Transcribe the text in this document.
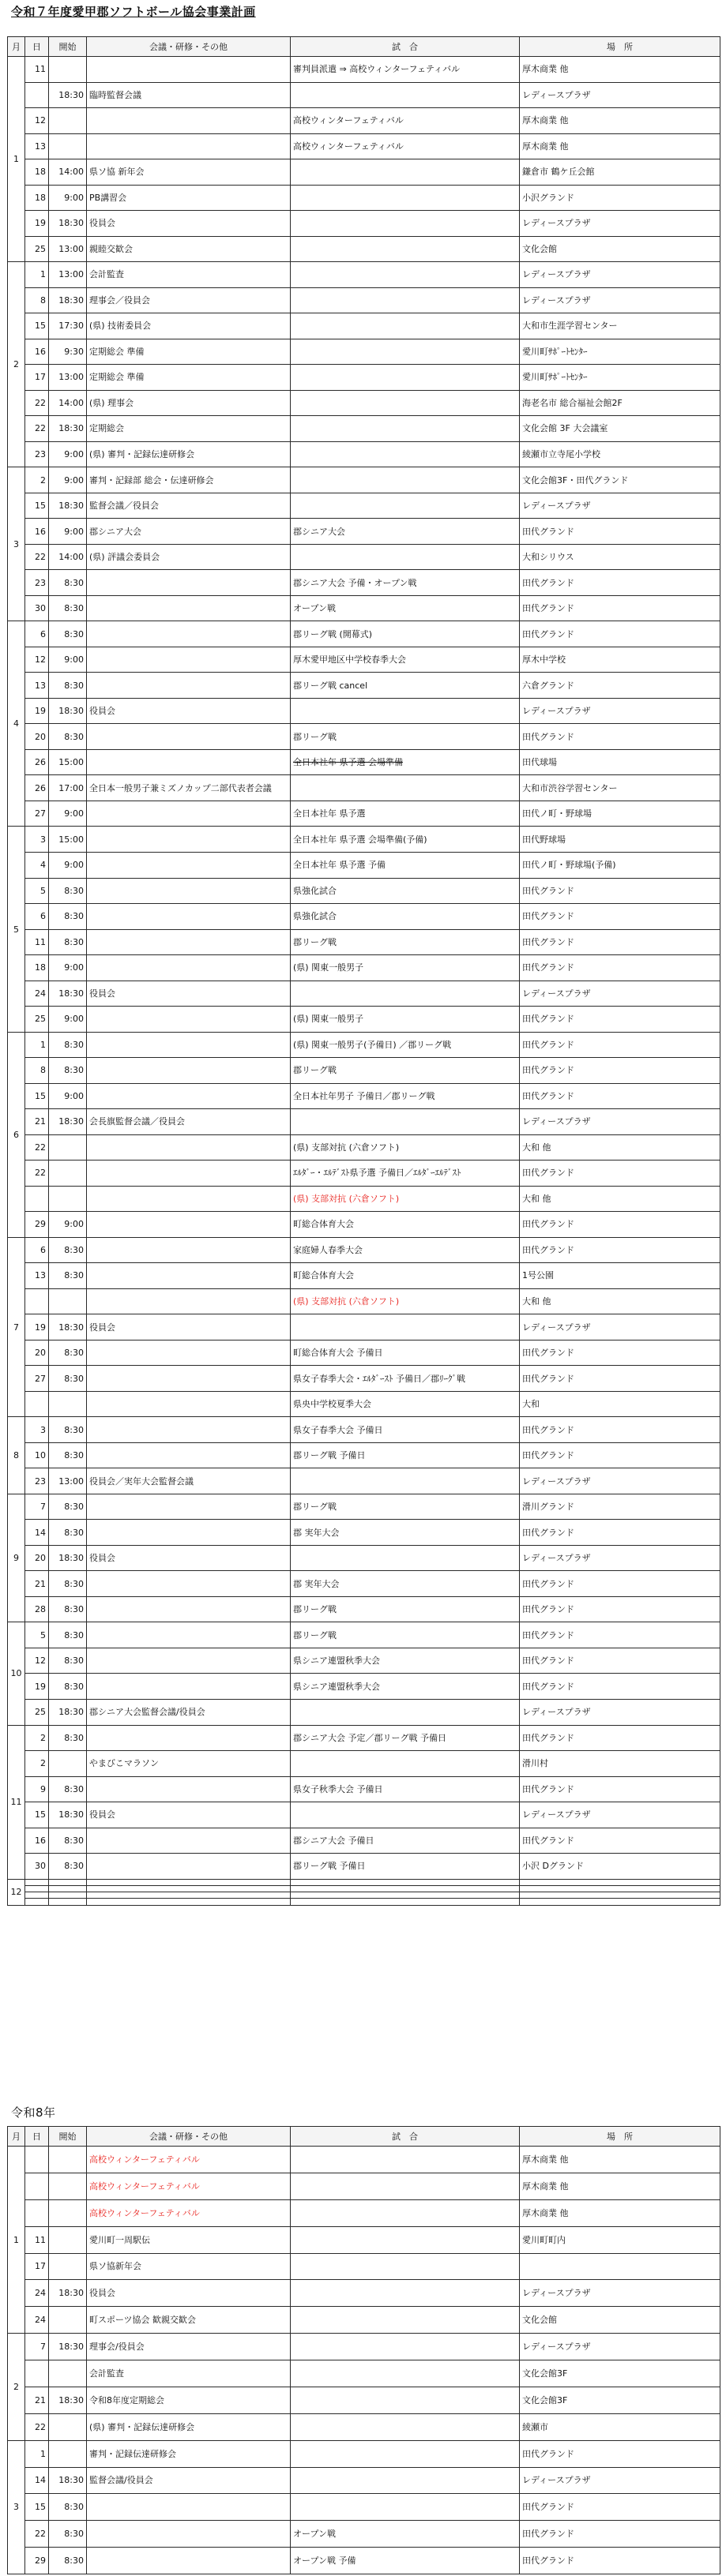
令和７年度愛甲郡ソフトボール協会事業計画
月	日	開始	会議・研修・その他	試　合	場　所
1	11			審判員派遣 ⇒ 高校ウィンターフェティバル	厚木商業 他
		18:30	臨時監督会議		レディースプラザ
	12			高校ウィンターフェティバル	厚木商業 他
	13			高校ウィンターフェティバル	厚木商業 他
	18	14:00	県ソ協 新年会		鎌倉市 鶴ケ丘会館
	18	9:00	PB講習会		小沢グランド
	19	18:30	役員会		レディースプラザ
	25	13:00	親睦交歓会		文化会館
2	1	13:00	会計監査		レディースプラザ
	8	18:30	理事会／役員会		レディースプラザ
	15	17:30	(県) 技術委員会		大和市生涯学習センター
	16	9:30	定期総会 準備		愛川町ｻﾎﾟｰﾄｾﾝﾀｰ
	17	13:00	定期総会 準備		愛川町ｻﾎﾟｰﾄｾﾝﾀｰ
	22	14:00	(県) 理事会		海老名市 総合福祉会館2F
	22	18:30	定期総会		文化会館 3F 大会議室
	23	9:00	(県) 審判・記録伝達研修会		綾瀬市立寺尾小学校
3	2	9:00	審判・記録部 総会・伝達研修会		文化会館3F・田代グランド
	15	18:30	監督会議／役員会		レディースプラザ
	16	9:00	郡シニア大会	郡シニア大会	田代グランド
	22	14:00	(県) 評議会委員会		大和シリウス
	23	8:30		郡シニア大会 予備・オープン戦	田代グランド
	30	8:30		オープン戦	田代グランド
4	6	8:30		郡リーグ戦 (開幕式)	田代グランド
	12	9:00		厚木愛甲地区中学校春季大会	厚木中学校
	13	8:30		郡リーグ戦 cancel	六倉グランド
	19	18:30	役員会		レディースプラザ
	20	8:30		郡リーグ戦	田代グランド
	26	15:00		全日本社年 県予選 会場準備	田代球場
	26	17:00	全日本一般男子兼ミズノカップ二部代表者会議		大和市渋谷学習センター
	27	9:00		全日本社年 県予選	田代ノ町・野球場
5	3	15:00		全日本社年 県予選 会場準備(予備)	田代野球場
	4	9:00		全日本社年 県予選 予備	田代ノ町・野球場(予備)
	5	8:30		県強化試合	田代グランド
	6	8:30		県強化試合	田代グランド
	11	8:30		郡リーグ戦	田代グランド
	18	9:00		(県) 関東一般男子	田代グランド
	24	18:30	役員会		レディースプラザ
	25	9:00		(県) 関東一般男子	田代グランド
6	1	8:30		(県) 関東一般男子(予備日) ／郡リーグ戦	田代グランド
	8	8:30		郡リーグ戦	田代グランド
	15	9:00		全日本社年男子 予備日／郡リーグ戦	田代グランド
	21	18:30	会長旗監督会議／役員会		レディースプラザ
	22			(県) 支部対抗 (六倉ソフト)	大和 他
	22			ｴﾙﾀﾞｰ・ｴﾙﾃﾞｽﾄ県予選 予備日／ｴﾙﾀﾞｰｴﾙﾃﾞｽﾄ	田代グランド
				(県) 支部対抗 (六倉ソフト)	大和 他
	29	9:00		町総合体育大会	田代グランド
7	6	8:30		家庭婦人春季大会	田代グランド
	13	8:30		町総合体育大会	1号公園
				(県) 支部対抗 (六倉ソフト)	大和 他
	19	18:30	役員会		レディースプラザ
	20	8:30		町総合体育大会 予備日	田代グランド
	27	8:30		県女子春季大会・ｴﾙﾀﾞｰｽﾄ 予備日／郡ﾘｰｸﾞ戦	田代グランド
				県央中学校夏季大会	大和
8	3	8:30		県女子春季大会 予備日	田代グランド
	10	8:30		郡リーグ戦 予備日	田代グランド
	23	13:00	役員会／実年大会監督会議		レディースプラザ
9	7	8:30		郡リーグ戦	滑川グランド
	14	8:30		郡 実年大会	田代グランド
	20	18:30	役員会		レディースプラザ
	21	8:30		郡 実年大会	田代グランド
	28	8:30		郡リーグ戦	田代グランド
10	5	8:30		郡リーグ戦	田代グランド
	12	8:30		県シニア連盟秋季大会	田代グランド
	19	8:30		県シニア連盟秋季大会	田代グランド
	25	18:30	郡シニア大会監督会議/役員会		レディースプラザ
11	2	8:30		郡シニア大会 予定／郡リーグ戦 予備日	田代グランド
	2		やまびこマラソン		滑川村
	9	8:30		県女子秋季大会 予備日	田代グランド
	15	18:30	役員会		レディースプラザ
	16	8:30		郡シニア大会 予備日	田代グランド
	30	8:30		郡リーグ戦 予備日	小沢 Dグランド
12					

令和8年
月	日	開始	会議・研修・その他	試　合	場　所
1			高校ウィンターフェティバル		厚木商業 他
			高校ウィンターフェティバル		厚木商業 他
			高校ウィンターフェティバル		厚木商業 他
	11		愛川町一周駅伝		愛川町町内
	17		県ソ協新年会		
	24	18:30	役員会		レディースプラザ
	24		町スポーツ協会 歓親交歓会		文化会館
2	7	18:30	理事会/役員会		レディースプラザ
			会計監査		文化会館3F
	21	18:30	令和8年度定期総会		文化会館3F
	22		(県) 審判・記録伝達研修会		綾瀬市
3	1		審判・記録伝達研修会		田代グランド
	14	18:30	監督会議/役員会		レディースプラザ
	15	8:30			田代グランド
	22	8:30		オープン戦	田代グランド
	29	8:30		オープン戦 予備	田代グランド
